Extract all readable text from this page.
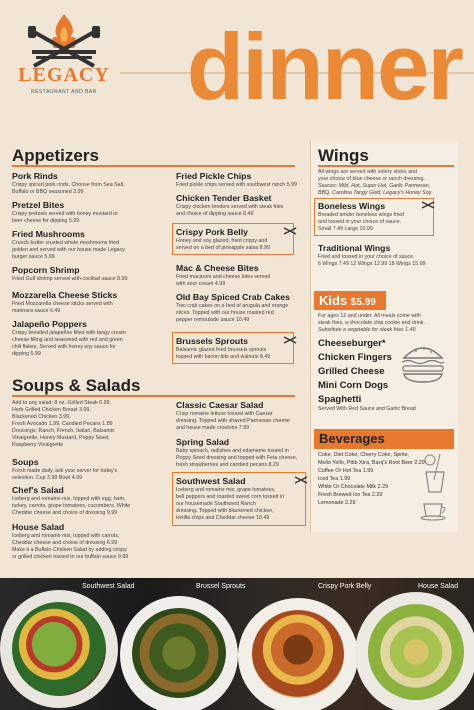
LEGACY
RESTAURANT AND BAR dinner
Appetizers
Pork Rinds
Crispy spiced pork rinds. Choose from Sea Salt,
Buffalo or BBQ seasoned 3.99
Pretzel Bites
Crispy pretzels served with honey mustard or
beer cheese for dipping 5.99
Fried Mushrooms
Crunch butter crusted whole mushrooms fried
golden and served with our house made Legacy
burger sauce 5.99
Popcorn Shrimp
Fried Gulf shrimp served with cocktail sauce 8.99
Mozzarella Cheese Sticks
Fried Mozzarella cheese sticks served with
marinara sauce 6.49
Jalapeño Poppers
Crispy breaded jalapeños filled with tangy cream
cheese filling and seasoned with red and green
chili flakes. Served with honey soy sauce for
dipping 5.99
Fried Pickle Chips
Fried pickle chips served with southwest ranch 5.99
Chicken Tender Basket
Crispy chicken tenders served with steak fries
and choice of dipping sauce 8.49
Crispy Pork Belly
Honey and soy glazed, fried crispy and
served on a bed of pineapple salsa 8.99
Mac & Cheese Bites
Fried macaroni and cheese bites served
with sour cream 4.99
Old Bay Spiced Crab Cakes
Two crab cakes on a bed of arugula and orange
slices. Topped with our house roasted red
pepper remoulade sauce 10.49
Brussels Sprouts
Balsamic glazed fried brussels sprouts
topped with bacon bits and walnuts 8.49
Soups & Salads
Add to any salad: 8 oz. Grilled Steak 6.99,
Herb Grilled Chicken Breast 3.99,
Blackened Chicken 3.99,
Fresh Avocado 1.99, Candied Pecans 1.89
Dressings: Ranch, French, Italian, Balsamic
Vinaigrette, Honey Mustard, Poppy Seed,
Raspberry Vinaigrette
Soups
Fresh made daily, ask your server for today's
selection. Cup 3.99 Bowl 4.99
Chef's Salad
Iceberg and romaine mix, topped with egg, ham,
turkey, carrots, grape tomatoes, cucumbers, White
Cheddar cheese and choice of dressing 9.99
House Salad
Iceberg and romaine mix, topped with carrots,
Cheddar cheese and choice of dressing 6.99
Make it a Buffalo Chicken Salad by adding crispy
or grilled chicken tossed in our buffalo sauce 9.99
Classic Caesar Salad
Crisp romaine lettuce tossed with Caesar
dressing. Topped with shaved Parmesan cheese
and house made croutons 7.99
Spring Salad
Baby spinach, radishes and edamame tossed in
Poppy Seed dressing and topped with Feta cheese,
fresh strawberries and candied pecans 8.29
Southwest Salad
Iceberg and romaine mix, grape tomatoes,
bell peppers and roasted sweet corn tossed in
our housemade Southwest Ranch
dressing. Topped with blackened chicken,
tortilla chips and Cheddar cheese 10.49
Wings
All wings are served with celery sticks and
your choice of blue cheese or ranch dressing.
Sauces: Mild, Hot, Super Hot, Garlic Parmesan,
BBQ, Carolina Tangy Gold, Legacy's Honey Soy
Boneless Wings
Breaded tender boneless wings fried
and tossed in your choice of sauce.
Small 7.49 Large 10.99
Traditional Wings
Fried and tossed in your choice of sauce.
6 Wings 7.49 12 Wings 12.99 18 Wings 15.99
Kids $5.99
For ages 12 and under. All meals come with
steak fries, a chocolate chip cookie and drink.
Substitute a vegetable for steak fries 1.49
Cheeseburger*
Chicken Fingers
Grilled Cheese
Mini Corn Dogs
Spaghetti
Served With Red Sauce and Garlic Bread
Beverages
Coke, Diet Coke, Cherry Coke, Sprite,
Mello Yello, Pibb Xtra, Barq's Root Beer 2.29
Coffee Or Hot Tea 1.99
Iced Tea 1.99
White Or Chocolate Milk 2.29
Fresh Brewed Ice Tea 2.29
Lemonade 2.29
Southwest Salad	Brussel Sprouts	Crispy Pork Belly	House Salad
